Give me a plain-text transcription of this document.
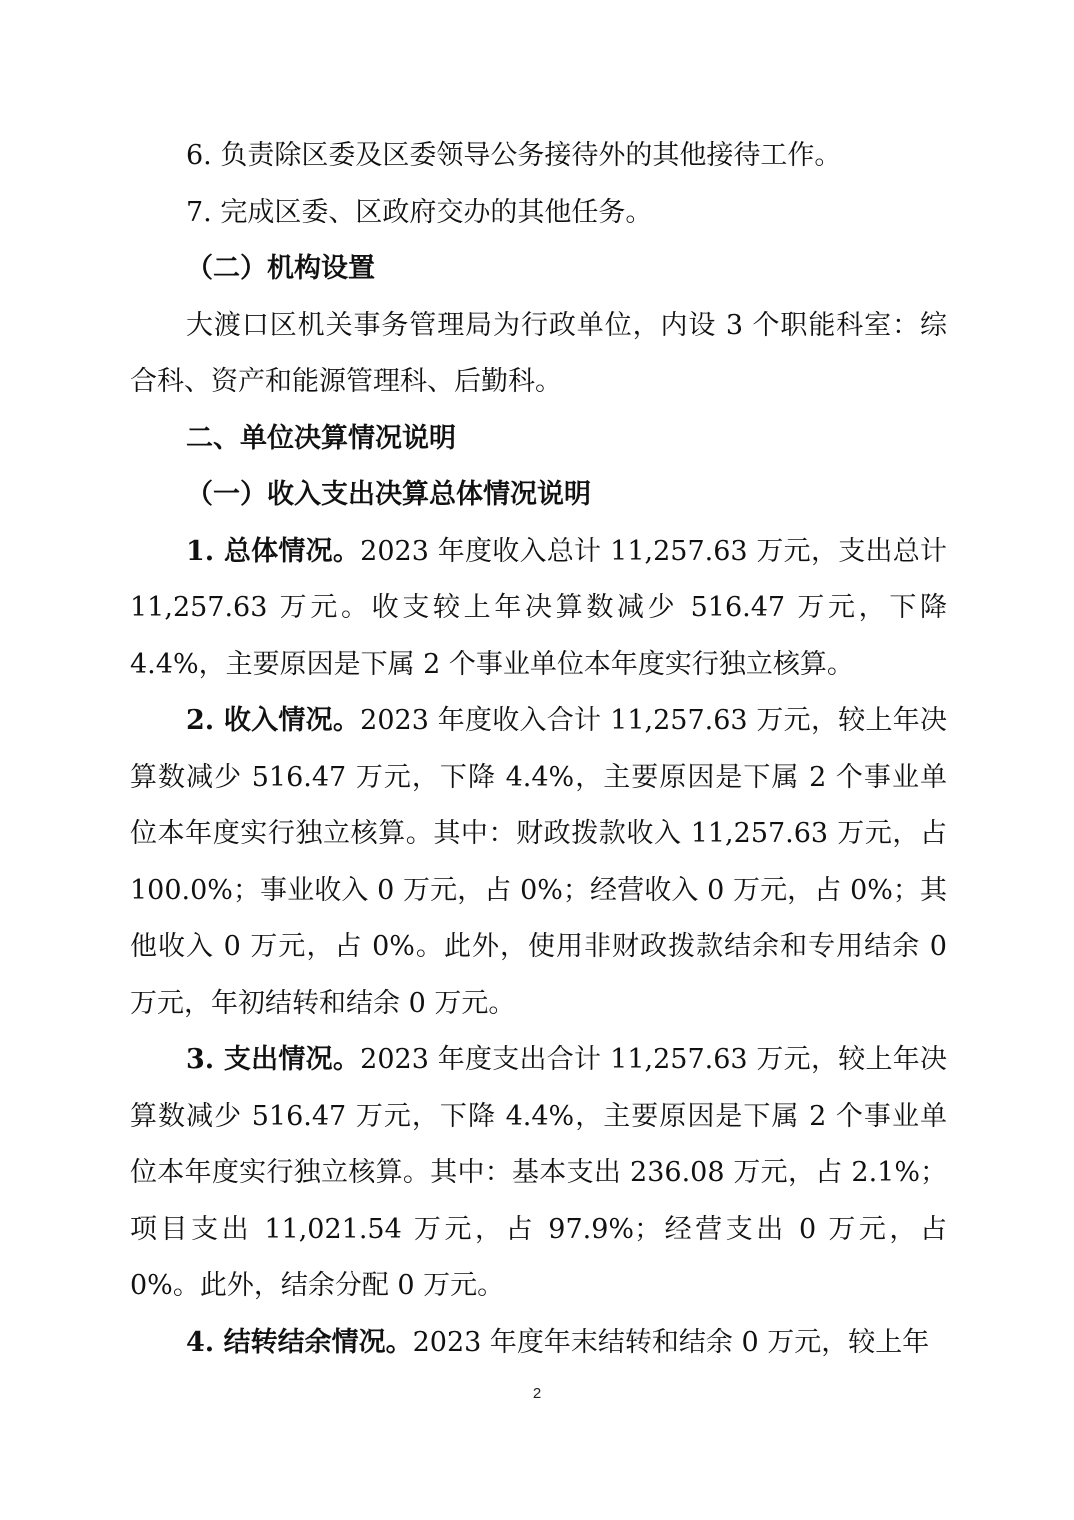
6. 负责除区委及区委领导公务接待外的其他接待工作。

7. 完成区委、区政府交办的其他任务。

（二）机构设置

大渡口区机关事务管理局为行政单位，内设 3 个职能科室：综合科、资产和能源管理科、后勤科。

二、单位决算情况说明

（一）收入支出决算总体情况说明

1. 总体情况。2023 年度收入总计 11,257.63 万元，支出总计 11,257.63 万元。收支较上年决算数减少 516.47 万元，下降 4.4%，主要原因是下属 2 个事业单位本年度实行独立核算。

2. 收入情况。2023 年度收入合计 11,257.63 万元，较上年决算数减少 516.47 万元，下降 4.4%，主要原因是下属 2 个事业单位本年度实行独立核算。其中：财政拨款收入 11,257.63 万元，占 100.0%；事业收入 0 万元，占 0%；经营收入 0 万元，占 0%；其他收入 0 万元，占 0%。此外，使用非财政拨款结余和专用结余 0 万元，年初结转和结余 0 万元。

3. 支出情况。2023 年度支出合计 11,257.63 万元，较上年决算数减少 516.47 万元，下降 4.4%，主要原因是下属 2 个事业单位本年度实行独立核算。其中：基本支出 236.08 万元，占 2.1%；项目支出 11,021.54 万元，占 97.9%；经营支出 0 万元，占 0%。此外，结余分配 0 万元。

4. 结转结余情况。2023 年度年末结转和结余 0 万元，较上年

2
